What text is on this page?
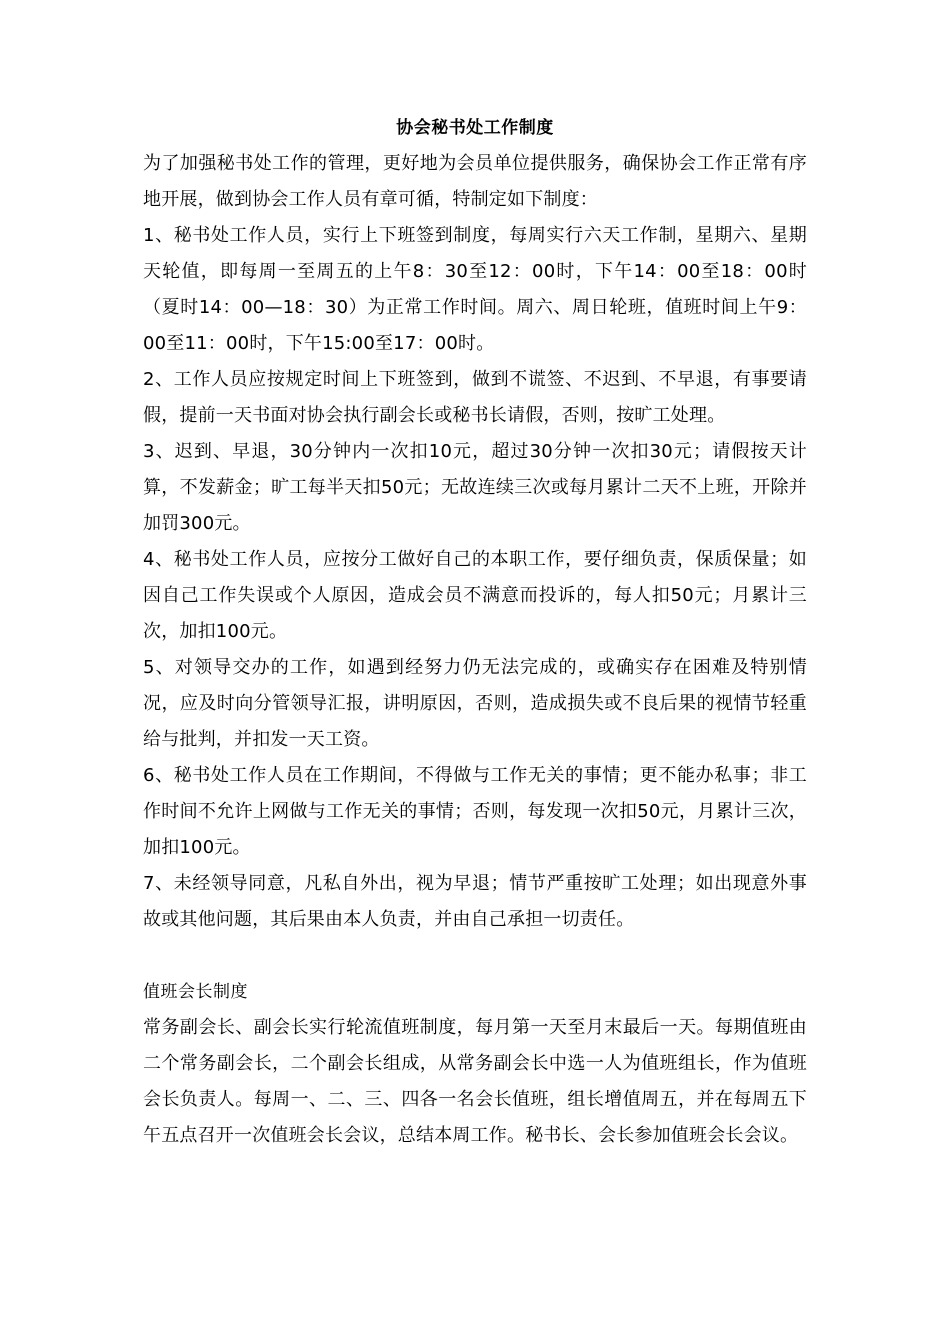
协会秘书处工作制度

为了加强秘书处工作的管理，更好地为会员单位提供服务，确保协会工作正常有序地开展，做到协会工作人员有章可循，特制定如下制度：

1、秘书处工作人员，实行上下班签到制度，每周实行六天工作制，星期六、星期天轮值，即每周一至周五的上午8：30至12：00时，下午14：00至18：00时（夏时14：00—18：30）为正常工作时间。周六、周日轮班，值班时间上午9：00至11：00时，下午15:00至17：00时。

2、工作人员应按规定时间上下班签到，做到不谎签、不迟到、不早退，有事要请假，提前一天书面对协会执行副会长或秘书长请假，否则，按旷工处理。

3、迟到、早退，30分钟内一次扣10元，超过30分钟一次扣30元；请假按天计算，不发薪金；旷工每半天扣50元；无故连续三次或每月累计二天不上班，开除并加罚300元。

4、秘书处工作人员，应按分工做好自己的本职工作，要仔细负责，保质保量；如因自己工作失误或个人原因，造成会员不满意而投诉的，每人扣50元；月累计三次，加扣100元。

5、对领导交办的工作，如遇到经努力仍无法完成的，或确实存在困难及特别情况，应及时向分管领导汇报，讲明原因，否则，造成损失或不良后果的视情节轻重给与批判，并扣发一天工资。

6、秘书处工作人员在工作期间，不得做与工作无关的事情；更不能办私事；非工作时间不允许上网做与工作无关的事情；否则，每发现一次扣50元，月累计三次，加扣100元。

7、未经领导同意，凡私自外出，视为早退；情节严重按旷工处理；如出现意外事故或其他问题，其后果由本人负责，并由自己承担一切责任。

值班会长制度

常务副会长、副会长实行轮流值班制度，每月第一天至月末最后一天。每期值班由二个常务副会长，二个副会长组成，从常务副会长中选一人为值班组长，作为值班会长负责人。每周一、二、三、四各一名会长值班，组长增值周五，并在每周五下午五点召开一次值班会长会议，总结本周工作。秘书长、会长参加值班会长会议。
